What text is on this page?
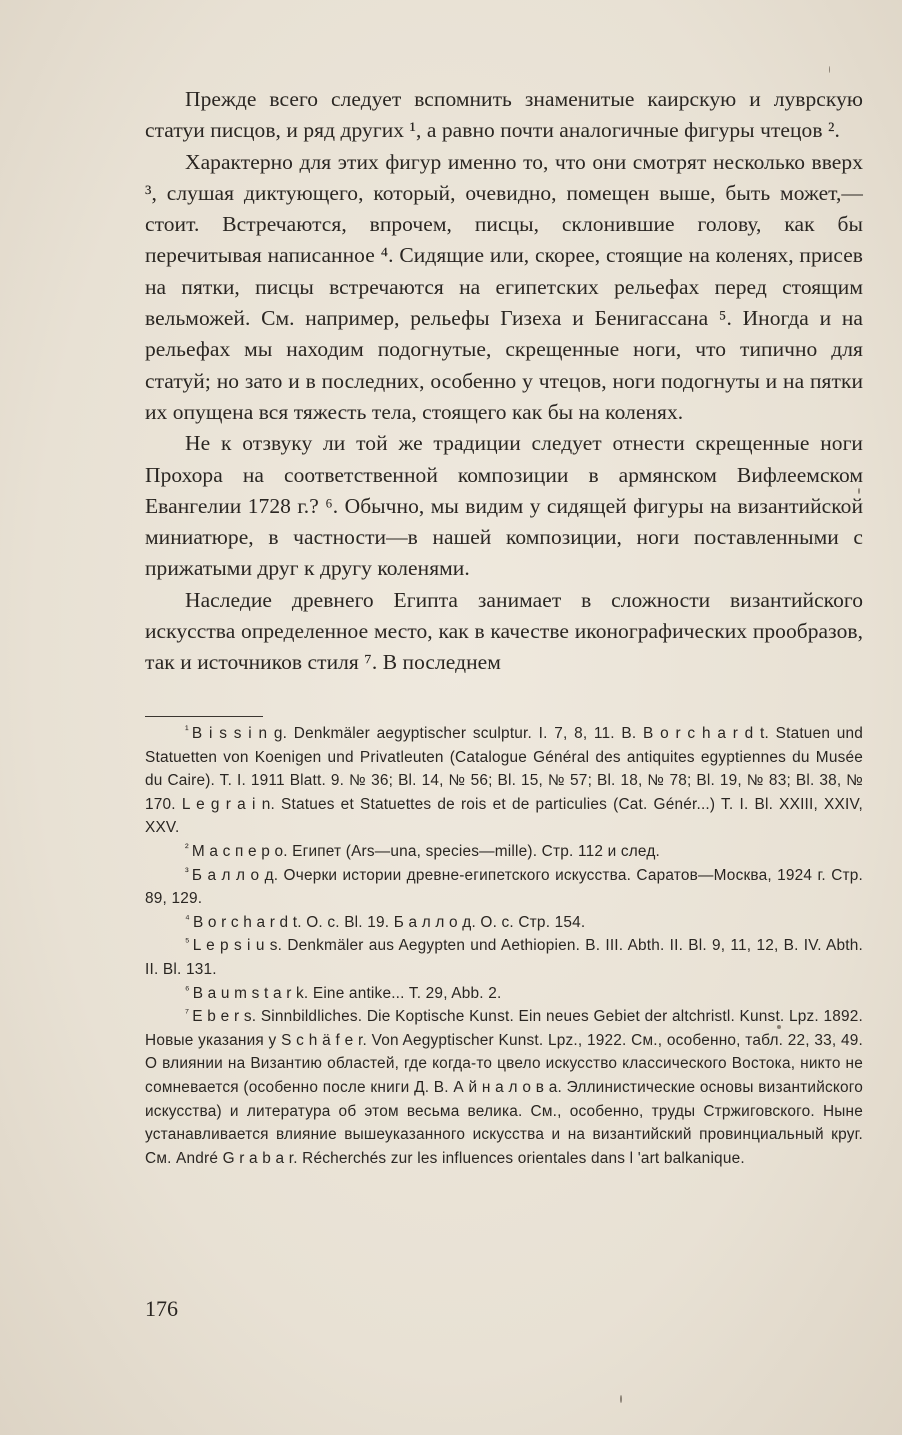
Прежде всего следует вспомнить знаменитые каирскую и луврскую статуи писцов, и ряд других ¹, а равно почти аналогичные фигуры чтецов ².

Характерно для этих фигур именно то, что они смотрят несколько вверх ³, слушая диктующего, который, очевидно, помещен выше, быть может,—стоит. Встречаются, впрочем, писцы, склонившие голову, как бы перечитывая написанное ⁴. Сидящие или, скорее, стоящие на коленях, присев на пятки, писцы встречаются на египетских рельефах перед стоящим вельможей. См. например, рельефы Гизеха и Бенигассана ⁵. Иногда и на рельефах мы находим подогнутые, скрещенные ноги, что типично для статуй; но зато и в последних, особенно у чтецов, ноги подогнуты и на пятки их опущена вся тяжесть тела, стоящего как бы на коленях.

Не к отзвуку ли той же традиции следует отнести скрещенные ноги Прохора на соответственной композиции в армянском Вифлеемском Евангелии 1728 г.? ⁶. Обычно, мы видим у сидящей фигуры на византийской миниатюре, в частности—в нашей композиции, ноги поставленными с прижатыми друг к другу коленями.

Наследие древнего Египта занимает в сложности византийского искусства определенное место, как в качестве иконографических прообразов, так и источников стиля ⁷. В последнем

$^{^1}$ B i s s i n g. Denkmäler aegyptischer sculptur. I. 7, 8, 11. B. B o r c h a r d t. Statuen und Statuetten von Koenigen und Privatleuten (Catalogue Général des antiquites egyptiennes du Musée du Caire). T. I. 1911 Blatt. 9. № 36; Bl. 14, № 56; Bl. 15, № 57; Bl. 18, № 78; Bl. 19, № 83; Bl. 38, № 170. L e g r a i n. Statues et Statuettes de rois et de particulies (Cat. Génér...) T. I. Bl. XXIII, XXIV, XXV.

$^{^2}$ М а с п е р о. Египет (Ars—una, species—mille). Стр. 112 и след.

$^{^3}$ Б а л л о д. Очерки истории древне-египетского искусства. Саратов—Москва, 1924 г. Стр. 89, 129.

$^{^4}$ B o r c h a r d t. O. c. Bl. 19. Б а л л о д. О. с. Стр. 154.

$^{^5}$ L e p s i u s. Denkmäler aus Aegypten und Aethiopien. B. III. Abth. II. Bl. 9, 11, 12, B. IV. Abth. II. Bl. 131.

$^{^6}$ B a u m s t a r k. Eine antike... T. 29, Abb. 2.

$^{^7}$ E b e r s. Sinnbildliches. Die Koptische Kunst. Ein neues Gebiet der altchristl. Kunst. Lpz. 1892. Новые указания у S c h ä f e r. Von Aegyptischer Kunst. Lpz., 1922. См., особенно, табл. 22, 33, 49. О влиянии на Византию областей, где когда-то цвело искусство классического Востока, никто не сомневается (особенно после книги Д. В. А й н а л о в а. Эллинистические основы византийского искусства) и литература об этом весьма велика. См., особенно, труды Стржиговского. Ныне устанавливается влияние вышеуказанного искусства и на византийский провинциальный круг. См. André G r a b a r. Récherchés zur les influences orientales dans l 'art balkanique.

176
